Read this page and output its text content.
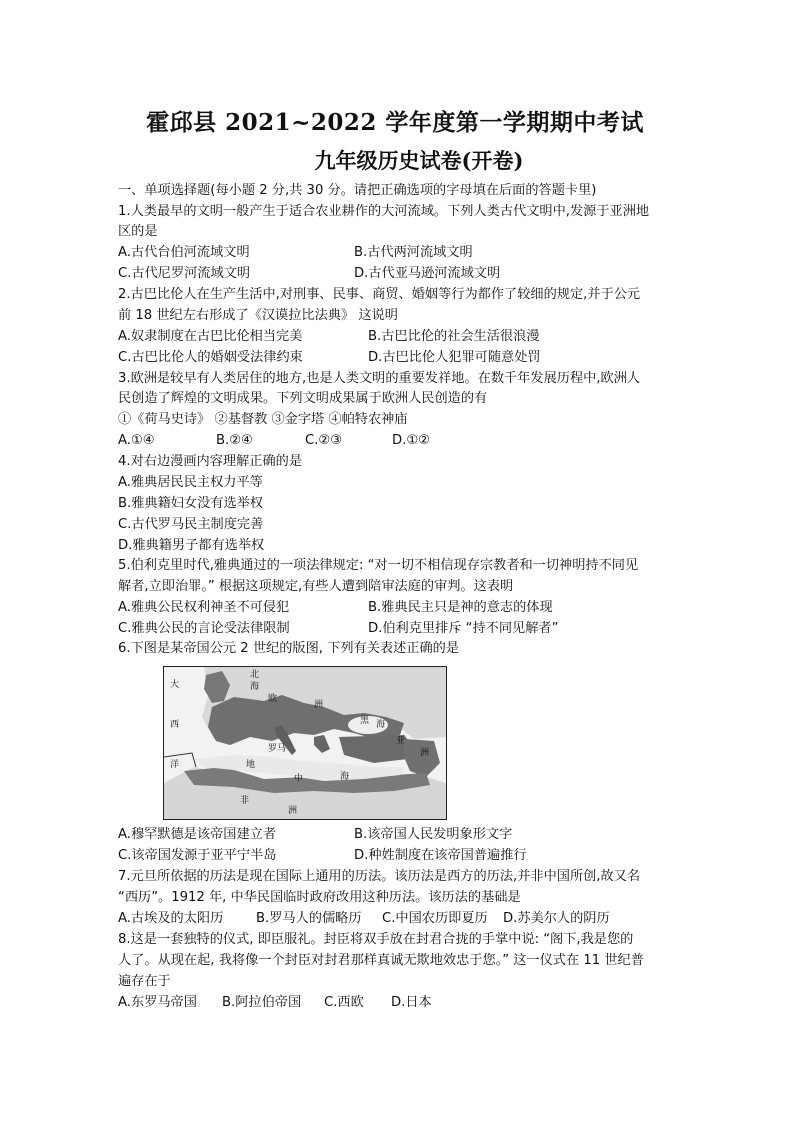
霍邱县 2021~2022 学年度第一学期期中考试
九年级历史试卷(开卷)
一、单项选择题(每小题 2 分,共 30 分。请把正确选项的字母填在后面的答题卡里)
1.人类最早的文明一般产生于适合农业耕作的大河流域。下列人类古代文明中,发源于亚洲地
区的是
A.古代台伯河流域文明	B.古代两河流域文明
C.古代尼罗河流域文明	D.古代亚马逊河流域文明
2.古巴比伦人在生产生活中,对刑事、民事、商贸、婚姻等行为都作了较细的规定,并于公元
前 18 世纪左右形成了《汉谟拉比法典》 这说明
A.奴隶制度在古巴比伦相当完美	B.古巴比伦的社会生活很浪漫
C.古巴比伦人的婚姻受法律约束	D.古巴比伦人犯罪可随意处罚
3.欧洲是较早有人类居住的地方,也是人类文明的重要发祥地。在数千年发展历程中,欧洲人
民创造了辉煌的文明成果。下列文明成果属于欧洲人民创造的有
①《荷马史诗》 ②基督教 ③金字塔 ④帕特农神庙
A.①④	B.②④	C.②③	D.①②
4.对右边漫画内容理解正确的是
A.雅典居民民主权力平等
B.雅典籍妇女没有选举权
C.古代罗马民主制度完善
D.雅典籍男子都有选举权
5.伯利克里时代,雅典通过的一项法律规定: “对一切不相信现存宗教者和一切神明持不同见
解者,立即治罪。” 根据这项规定,有些人遭到陪审法庭的审判。这表明
A.雅典公民权利神圣不可侵犯	B.雅典民主只是神的意志的体现
C.雅典公民的言论受法律限制	D.伯利克里排斥 “持不同见解者”
6.下图是某帝国公元 2 世纪的版图, 下列有关表述正确的是
大
西
洋
北
海
欧
洲
黑 海
亚
洲
罗马
地
中	海
非
洲
A.穆罕默德是该帝国建立者	B.该帝国人民发明象形文字
C.该帝国发源于亚平宁半岛	D.种姓制度在该帝国普遍推行
7.元旦所依据的历法是现在国际上通用的历法。该历法是西方的历法,并非中国所创,故又名
“西历”。1912 年, 中华民国临时政府改用这种历法。该历法的基础是
A.古埃及的太阳历 B.罗马人的儒略历 C.中国农历即夏历 D.苏美尔人的阴历
8.这是一套独特的仪式, 即臣服礼。封臣将双手放在封君合拢的手掌中说: “阁下,我是您的
人了。从现在起, 我将像一个封臣对封君那样真诚无欺地效忠于您。” 这一仪式在 11 世纪普
遍存在于
A.东罗马帝国 B.阿拉伯帝国 C.西欧 D.日本
